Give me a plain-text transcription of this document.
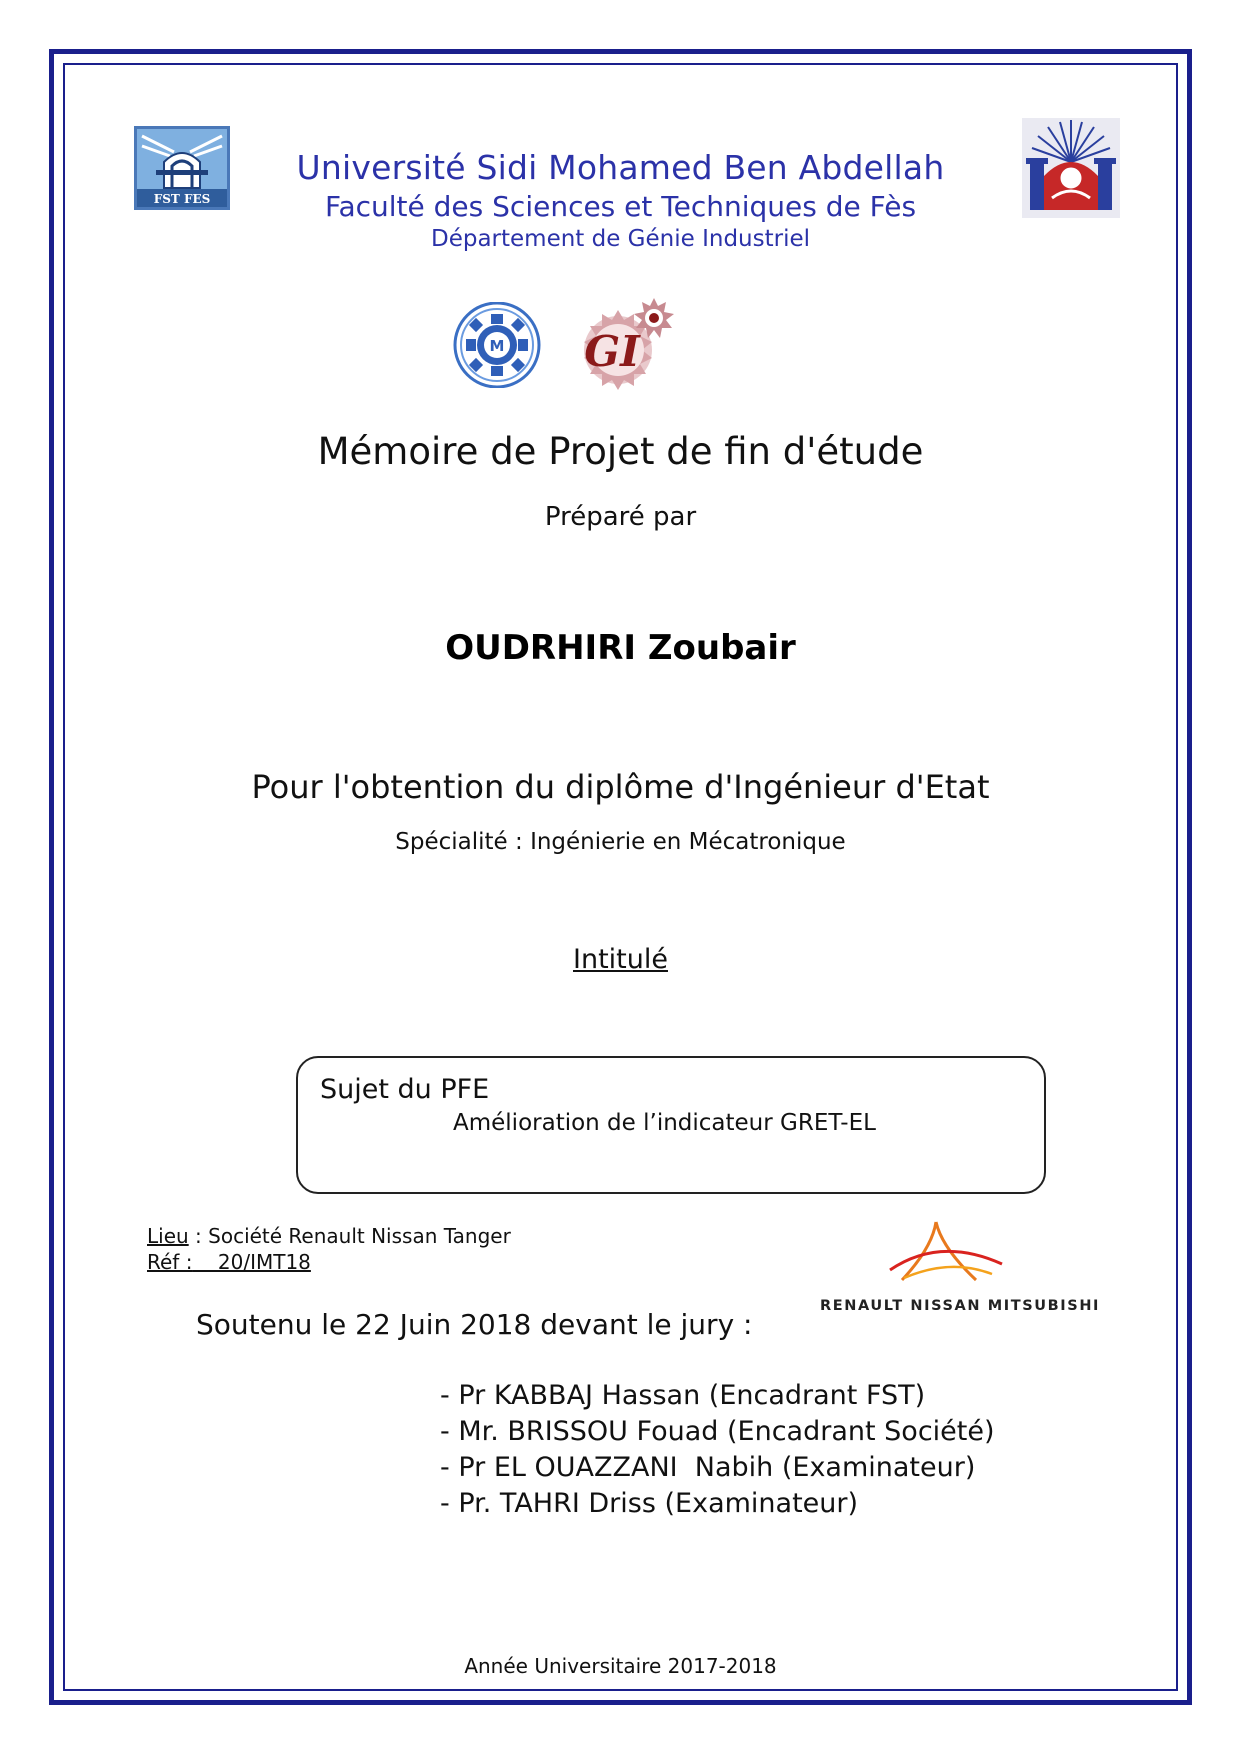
FST FES
Université Sidi Mohamed Ben Abdellah
Faculté des Sciences et Techniques de Fès
Département de Génie Industriel
M GI
Mémoire de Projet de fin d'étude
Préparé par
OUDRHIRI Zoubair
Pour l'obtention du diplôme d'Ingénieur d'Etat
Spécialité : Ingénierie en Mécatronique
Intitulé
Sujet du PFE
Amélioration de l’indicateur GRET-EL
Lieu : Société Renault Nissan Tanger
Réf :    20/IMT18
RENAULT NISSAN MITSUBISHI
Soutenu le 22 Juin 2018 devant le jury :
- Pr KABBAJ Hassan (Encadrant FST)
- Mr. BRISSOU Fouad (Encadrant Société)
- Pr EL OUAZZANI  Nabih (Examinateur)
- Pr. TAHRI Driss (Examinateur)
Année Universitaire 2017-2018
